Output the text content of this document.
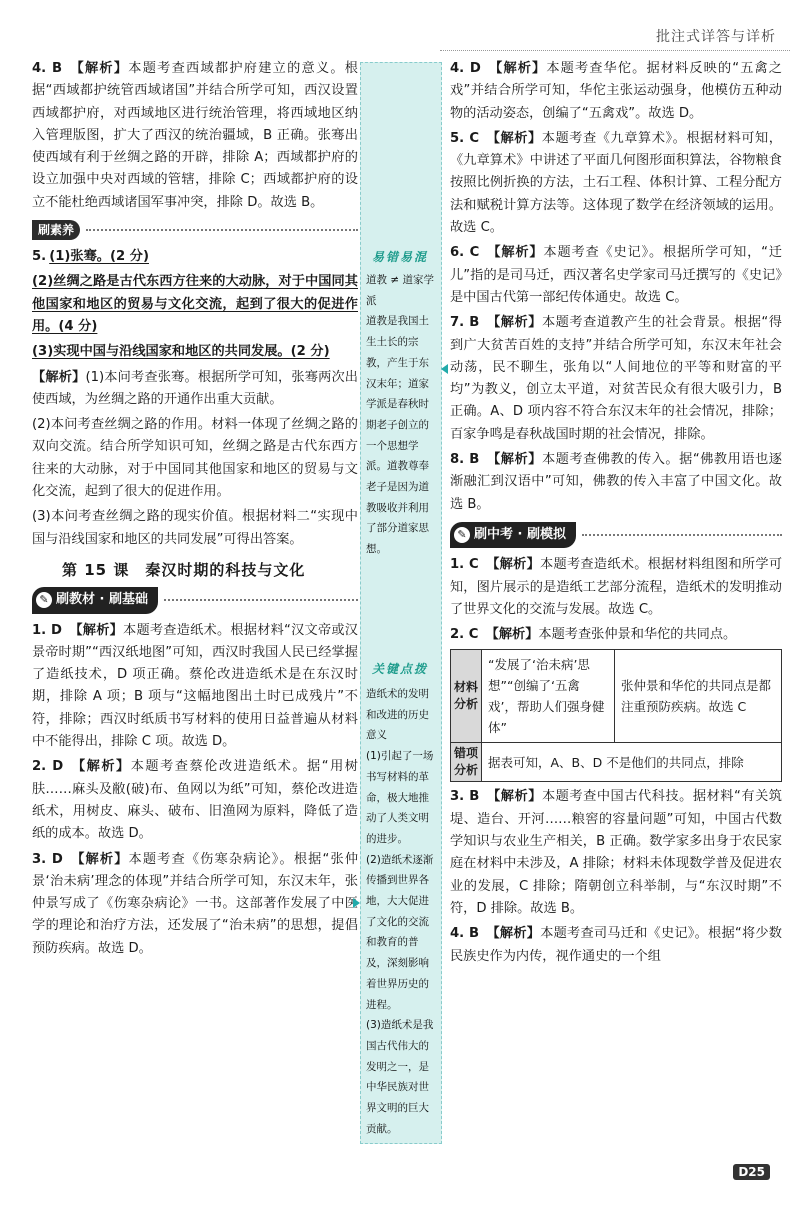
批注式详答与详析

4. B 【解析】本题考查西域都护府建立的意义。根据“西域都护统管西域诸国”并结合所学可知，西汉设置西域都护府，对西域地区进行统治管理，将西域地区纳入管理版图，扩大了西汉的统治疆域，B 正确。张骞出使西域有利于丝绸之路的开辟，排除 A；西域都护府的设立加强中央对西域的管辖，排除 C；西域都护府的设立不能杜绝西域诸国军事冲突，排除 D。故选 B。

刷素养

5. (1)张骞。(2 分)

(2)丝绸之路是古代东西方往来的大动脉，对于中国同其他国家和地区的贸易与文化交流，起到了很大的促进作用。(4 分)

(3)实现中国与沿线国家和地区的共同发展。(2 分)

【解析】(1)本问考查张骞。根据所学可知，张骞两次出使西域，为丝绸之路的开通作出重大贡献。

(2)本问考查丝绸之路的作用。材料一体现了丝绸之路的双向交流。结合所学知识可知，丝绸之路是古代东西方往来的大动脉，对于中国同其他国家和地区的贸易与文化交流，起到了很大的促进作用。

(3)本问考查丝绸之路的现实价值。根据材料二“实现中国与沿线国家和地区的共同发展”可得出答案。

第 15 课　秦汉时期的科技与文化
✎ 刷教材 · 刷基础

1. D 【解析】本题考查造纸术。根据材料“汉文帝或汉景帝时期”“西汉纸地图”可知，西汉时我国人民已经掌握了造纸技术，D 项正确。蔡伦改进造纸术是在东汉时期，排除 A 项；B 项与“这幅地图出土时已成残片”不符，排除；西汉时纸质书写材料的使用日益普遍从材料中不能得出，排除 C 项。故选 D。

2. D 【解析】本题考查蔡伦改进造纸术。据“用树肤……麻头及敝(破)布、鱼网以为纸”可知，蔡伦改进造纸术，用树皮、麻头、破布、旧渔网为原料，降低了造纸的成本。故选 D。

3. D 【解析】本题考查《伤寒杂病论》。根据“张仲景‘治未病’理念的体现”并结合所学可知，东汉末年，张仲景写成了《伤寒杂病论》一书。这部著作发展了中医学的理论和治疗方法，还发展了“治未病”的思想，提倡预防疾病。故选 D。

易错易混
道教 ≠ 道家学派
道教是我国土生土长的宗教，产生于东汉末年；道家学派是春秋时期老子创立的一个思想学派。道教尊奉老子是因为道教吸收并利用了部分道家思想。
关键点拨
造纸术的发明和改进的历史意义
(1)引起了一场书写材料的革命，极大地推动了人类文明的进步。
(2)造纸术逐渐传播到世界各地，大大促进了文化的交流和教育的普及，深刻影响着世界历史的进程。
(3)造纸术是我国古代伟大的发明之一，是中华民族对世界文明的巨大贡献。

4. D 【解析】本题考查华佗。据材料反映的“五禽之戏”并结合所学可知，华佗主张运动强身，他模仿五种动物的活动姿态，创编了“五禽戏”。故选 D。

5. C 【解析】本题考查《九章算术》。根据材料可知，《九章算术》中讲述了平面几何图形面积算法，谷物粮食按照比例折换的方法，土石工程、体积计算、工程分配方法和赋税计算方法等。这体现了数学在经济领域的运用。故选 C。

6. C 【解析】本题考查《史记》。根据所学可知，“迁儿”指的是司马迁，西汉著名史学家司马迁撰写的《史记》是中国古代第一部纪传体通史。故选 C。

7. B 【解析】本题考查道教产生的社会背景。根据“得到广大贫苦百姓的支持”并结合所学可知，东汉末年社会动荡，民不聊生，张角以“人间地位的平等和财富的平均”为教义，创立太平道，对贫苦民众有很大吸引力，B 正确。A、D 项内容不符合东汉末年的社会情况，排除；百家争鸣是春秋战国时期的社会情况，排除。

8. B 【解析】本题考查佛教的传入。据“佛教用语也逐渐融汇到汉语中”可知，佛教的传入丰富了中国文化。故选 B。

✎ 刷中考 · 刷模拟

1. C 【解析】本题考查造纸术。根据材料组图和所学可知，图片展示的是造纸工艺部分流程，造纸术的发明推动了世界文化的交流与发展。故选 C。

2. C 【解析】本题考查张仲景和华佗的共同点。

材料分析	“发展了‘治未病’思想”“创编了‘五禽戏’，帮助人们强身健体”	张仲景和华佗的共同点是都注重预防疾病。故选 C
错项分析	据表可知，A、B、D 不是他们的共同点，排除	

3. B 【解析】本题考查中国古代科技。据材料“有关筑堤、造台、开河……粮窖的容量问题”可知，中国古代数学知识与农业生产相关，B 正确。数学家多出身于农民家庭在材料中未涉及，A 排除；材料未体现数学普及促进农业的发展，C 排除；隋朝创立科举制，与“东汉时期”不符，D 排除。故选 B。

4. B 【解析】本题考查司马迁和《史记》。根据“将少数民族史作为内传，视作通史的一个组

D25
